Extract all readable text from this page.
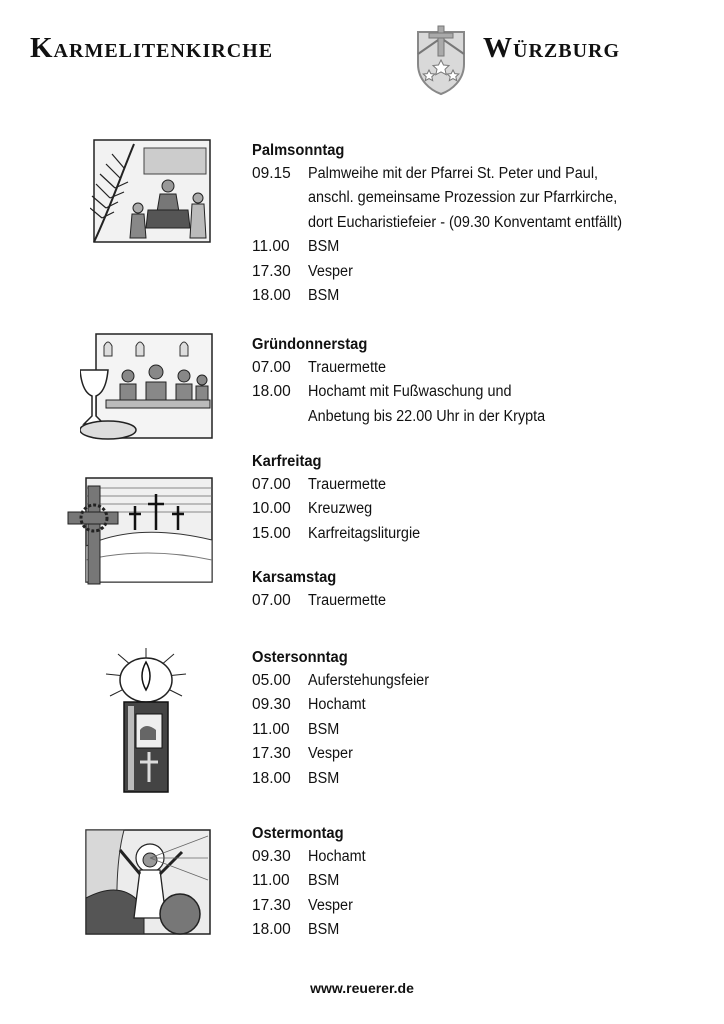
Karmelitenkirche	Würzburg
Palmsonntag
09.15	Palmweihe mit der Pfarrei St. Peter und Paul,
anschl. gemeinsame Prozession zur Pfarrkirche,
dort Eucharistiefeier - (09.30 Konventamt entfällt)
11.00	BSM
17.30	Vesper
18.00	BSM
Gründonnerstag
07.00	Trauermette
18.00	Hochamt mit Fußwaschung und
Anbetung bis 22.00 Uhr in der Krypta
Karfreitag
07.00	Trauermette
10.00	Kreuzweg
15.00	Karfreitagsliturgie
Karsamstag
07.00	Trauermette
Ostersonntag
05.00	Auferstehungsfeier
09.30	Hochamt
11.00	BSM
17.30	Vesper
18.00	BSM
Ostermontag
09.30	Hochamt
11.00	BSM
17.30	Vesper
18.00	BSM
www.reuerer.de
